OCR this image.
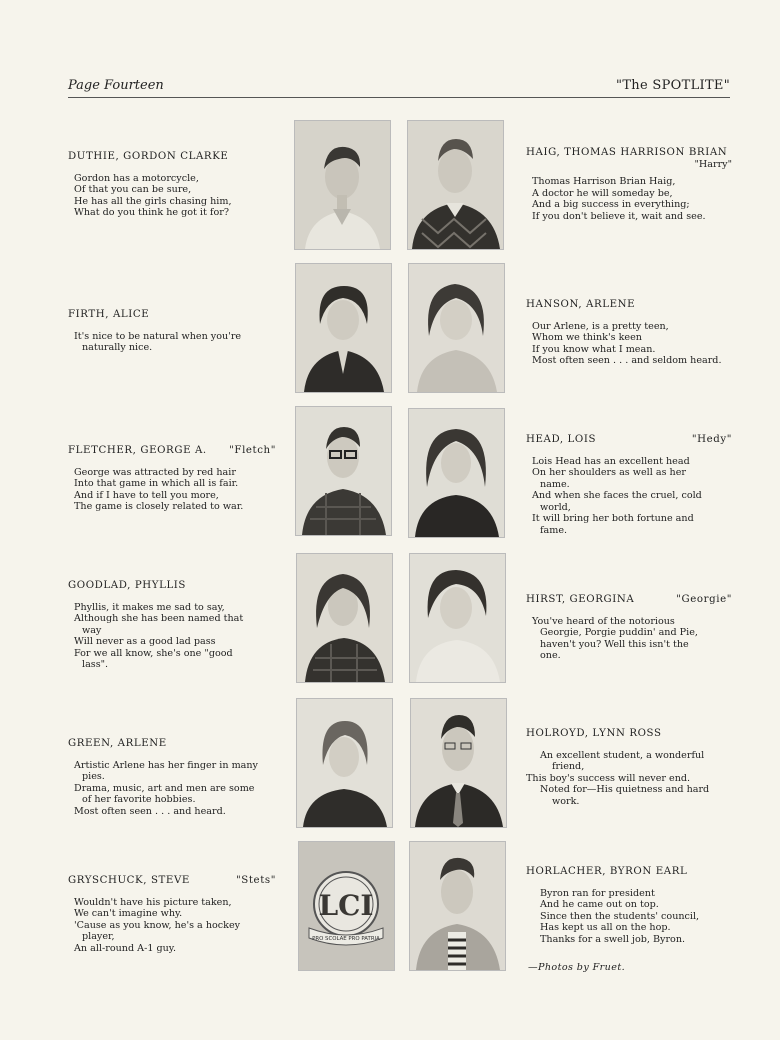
Page Fourteen	"The SPOTLITE"
DUTHIE, GORDON CLARKE
Gordon has a motorcycle,
Of that you can be sure,
He has all the girls chasing him,
What do you think he got it for?
FIRTH, ALICE
It's nice to be natural when you're
naturally nice.
FLETCHER, GEORGE A. "Fletch"
George was attracted by red hair
Into that game in which all is fair.
And if I have to tell you more,
The game is closely related to war.
GOODLAD, PHYLLIS
Phyllis, it makes me sad to say,
Although she has been named that
way
Will never as a good lad pass
For we all know, she's one "good
lass".
GREEN, ARLENE
Artistic Arlene has her finger in many
pies.
Drama, music, art and men are some
of her favorite hobbies.
Most often seen . . . and heard.
GRYSCHUCK, STEVE	"Stets"
Wouldn't have his picture taken,
We can't imagine why.
'Cause as you know, he's a hockey
player,
An all-round A-1 guy.
LCI
PRO SCOLAE PRO PATRIA
HAIG, THOMAS HARRISON BRIAN
"Harry"
Thomas Harrison Brian Haig,
A doctor he will someday be,
And a big success in everything;
If you don't believe it, wait and see.
HANSON, ARLENE
Our Arlene, is a pretty teen,
Whom we think's keen
If you know what I mean.
Most often seen . . . and seldom heard.
HEAD, LOIS	"Hedy"
Lois Head has an excellent head
On her shoulders as well as her
name.
And when she faces the cruel, cold
world,
It will bring her both fortune and
fame.
HIRST, GEORGINA	"Georgie"
You've heard of the notorious
Georgie, Porgie puddin' and Pie,
haven't you? Well this isn't the
one.
HOLROYD, LYNN ROSS
An excellent student, a wonderful
friend,
This boy's success will never end.
Noted for—His quietness and hard
work.
HORLACHER, BYRON EARL
Byron ran for president
And he came out on top.
Since then the students' council,
Has kept us all on the hop.
Thanks for a swell job, Byron.
—Photos by Fruet.
